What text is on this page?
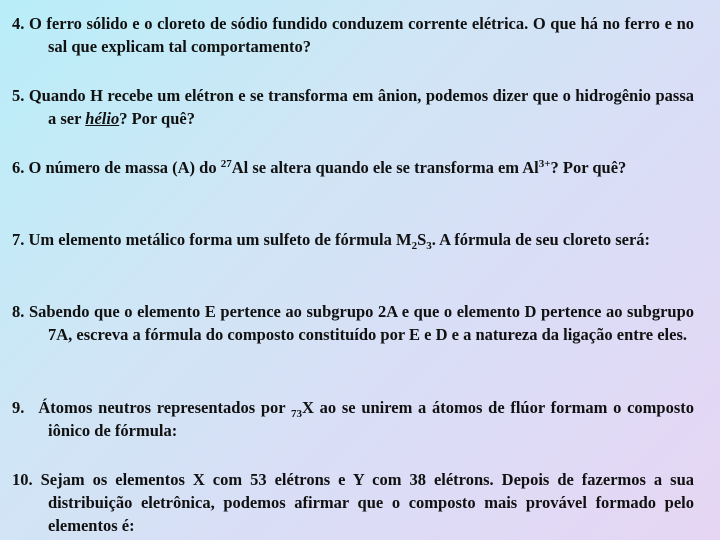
4. O ferro sólido e o cloreto de sódio fundido conduzem corrente elétrica. O que há no ferro e no sal que explicam tal comportamento?
5. Quando H recebe um elétron e se transforma em ânion, podemos dizer que o hidrogênio passa a ser hélio? Por quê?
6. O número de massa (A) do $^{27}$Al se altera quando ele se transforma em $Al^{3+}$? Por quê?
7. Um elemento metálico forma um sulfeto de fórmula $M_2S_3$. A fórmula de seu cloreto será:
8. Sabendo que o elemento E pertence ao subgrupo 2A e que o elemento D pertence ao subgrupo 7A, escreva a fórmula do composto constituído por E e D e a natureza da ligação entre eles.
9. Átomos neutros representados por $_{73}$X ao se unirem a átomos de flúor formam o composto iônico de fórmula:
10. Sejam os elementos X com 53 elétrons e Y com 38 elétrons. Depois de fazermos a sua distribuição eletrônica, podemos afirmar que o composto mais provável formado pelo elementos é:
